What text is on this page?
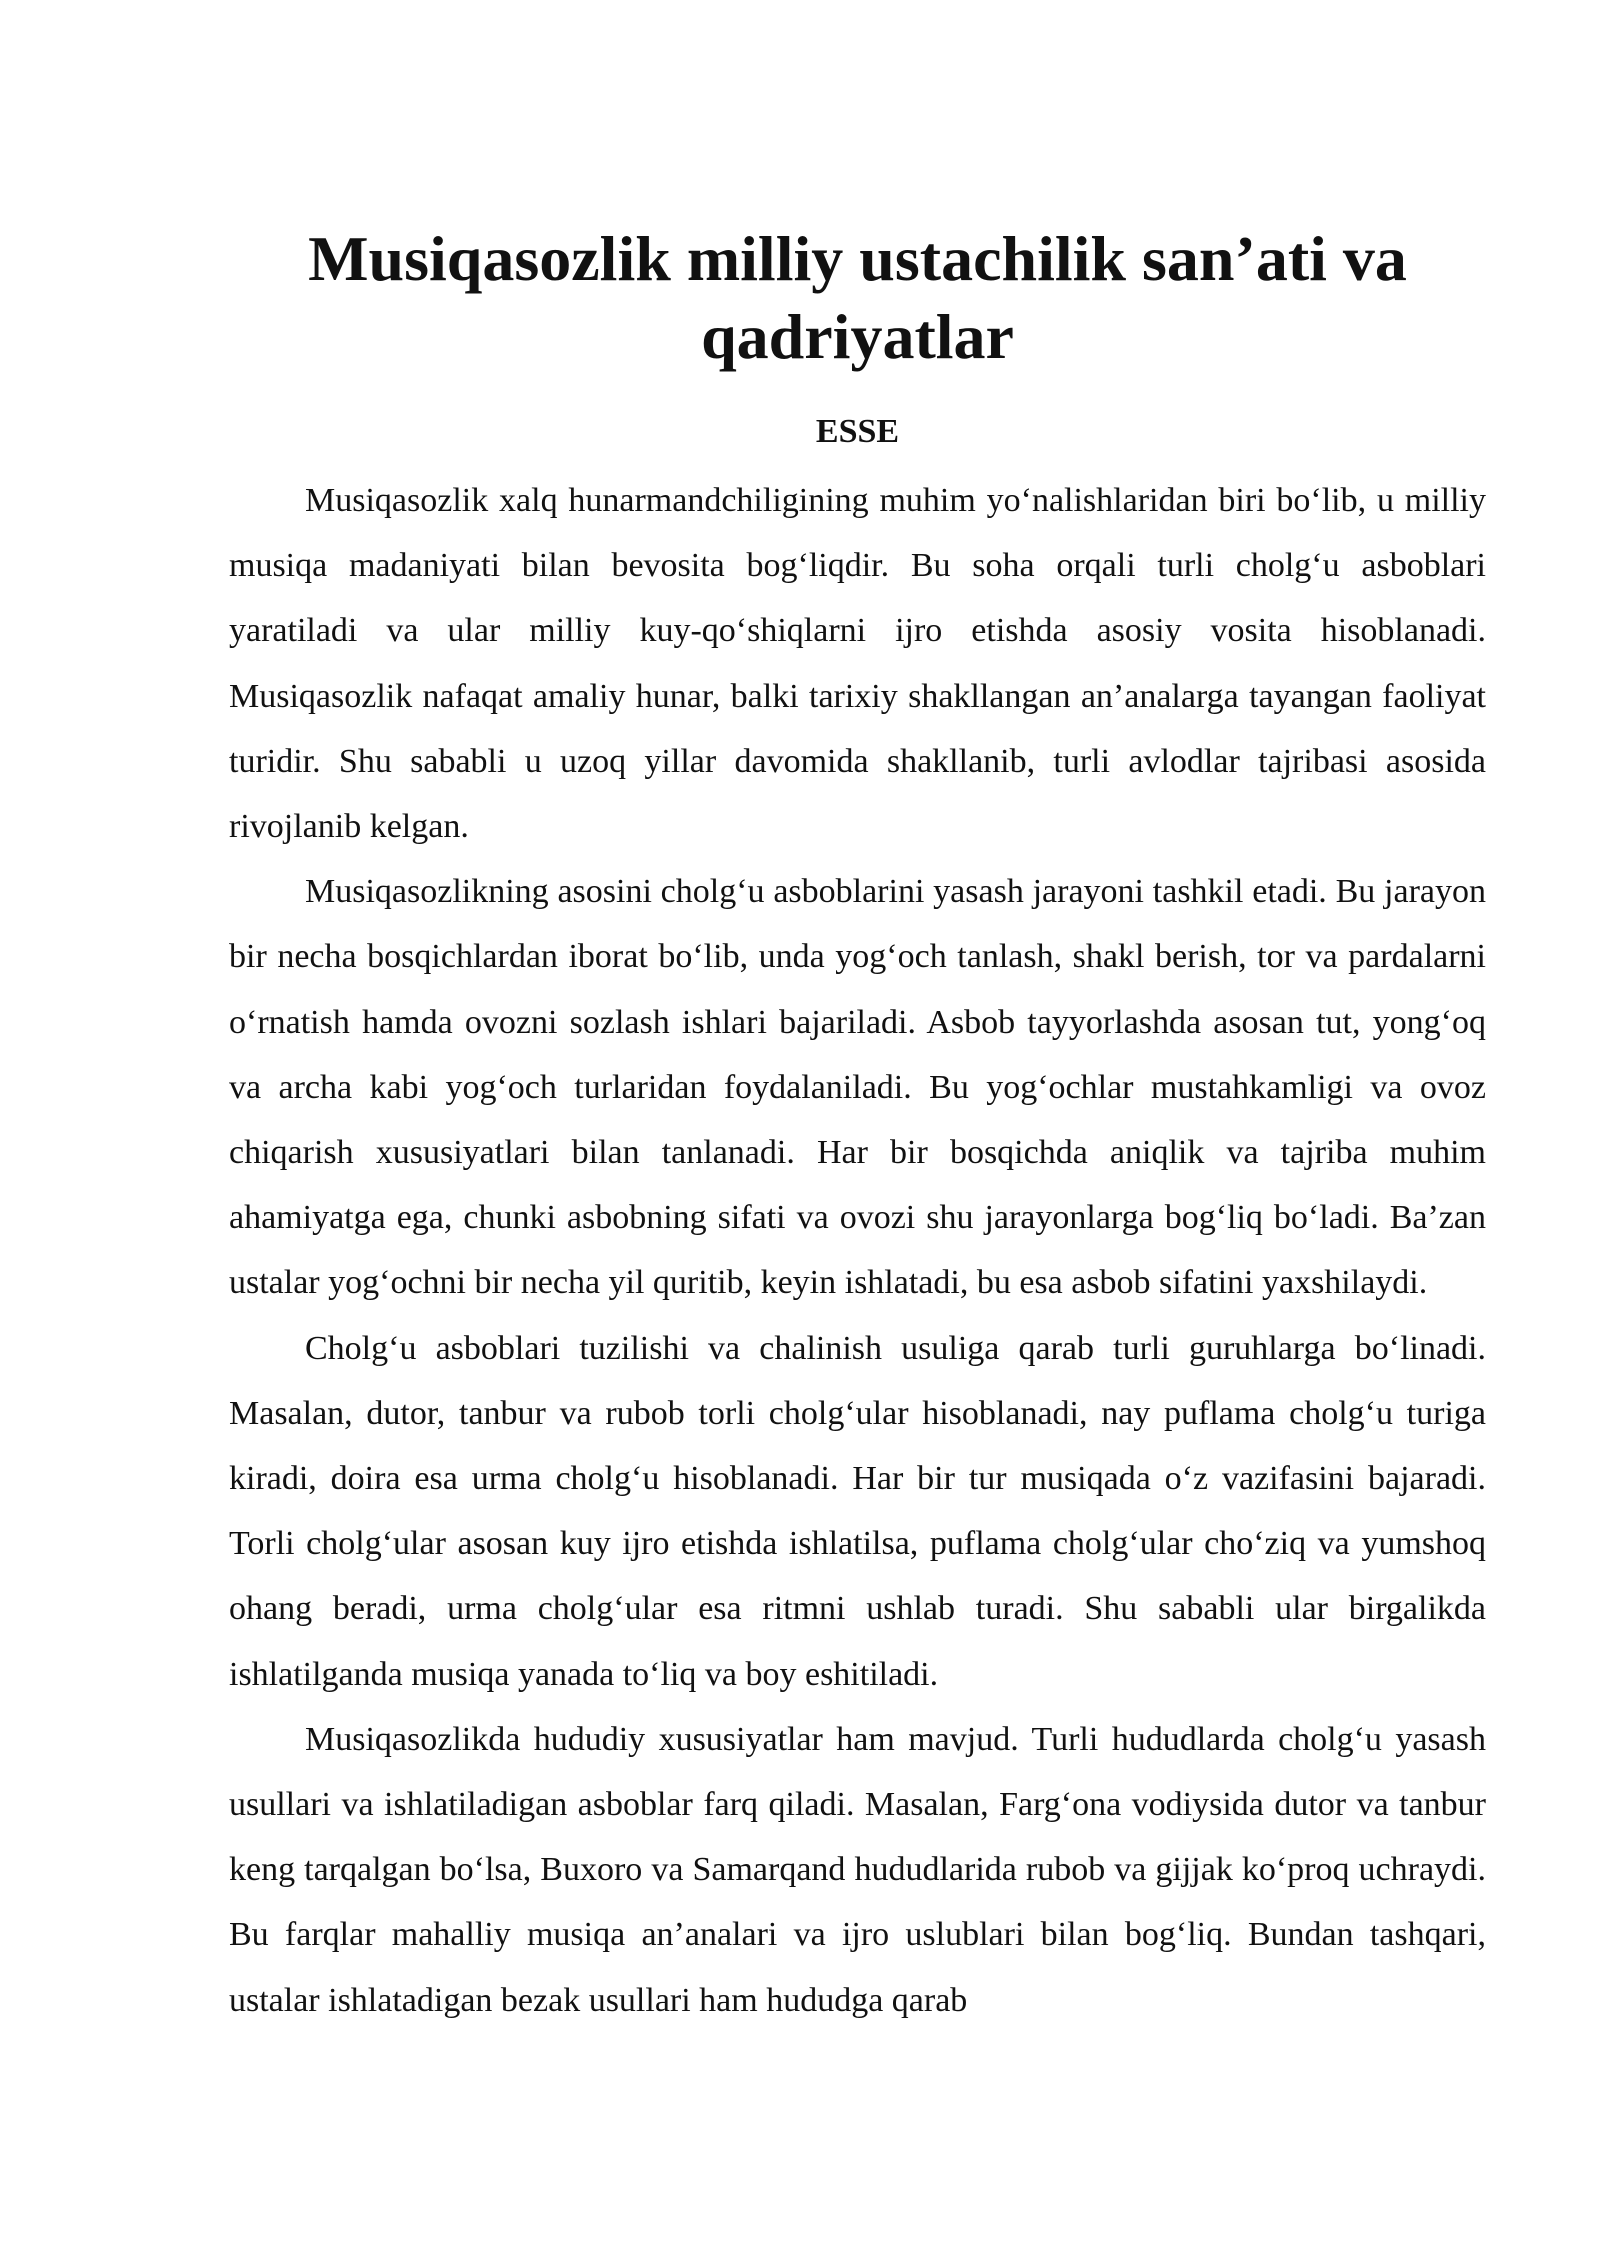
Musiqasozlik milliy ustachilik san’ati va qadriyatlar
ESSE

Musiqasozlik xalq hunarmandchiligining muhim yo‘nalishlaridan biri bo‘lib, u milliy musiqa madaniyati bilan bevosita bog‘liqdir. Bu soha orqali turli cholg‘u asboblari yaratiladi va ular milliy kuy-qo‘shiqlarni ijro etishda asosiy vosita hisoblanadi. Musiqasozlik nafaqat amaliy hunar, balki tarixiy shakllangan an’analarga tayangan faoliyat turidir. Shu sababli u uzoq yillar davomida shakllanib, turli avlodlar tajribasi asosida rivojlanib kelgan.

Musiqasozlikning asosini cholg‘u asboblarini yasash jarayoni tashkil etadi. Bu jarayon bir necha bosqichlardan iborat bo‘lib, unda yog‘och tanlash, shakl berish, tor va pardalarni o‘rnatish hamda ovozni sozlash ishlari bajariladi. Asbob tayyorlashda asosan tut, yong‘oq va archa kabi yog‘och turlaridan foydalaniladi. Bu yog‘ochlar mustahkamligi va ovoz chiqarish xususiyatlari bilan tanlanadi. Har bir bosqichda aniqlik va tajriba muhim ahamiyatga ega, chunki asbobning sifati va ovozi shu jarayonlarga bog‘liq bo‘ladi. Ba’zan ustalar yog‘ochni bir necha yil quritib, keyin ishlatadi, bu esa asbob sifatini yaxshilaydi.

Cholg‘u asboblari tuzilishi va chalinish usuliga qarab turli guruhlarga bo‘linadi. Masalan, dutor, tanbur va rubob torli cholg‘ular hisoblanadi, nay puflama cholg‘u turiga kiradi, doira esa urma cholg‘u hisoblanadi. Har bir tur musiqada o‘z vazifasini bajaradi. Torli cholg‘ular asosan kuy ijro etishda ishlatilsa, puflama cholg‘ular cho‘ziq va yumshoq ohang beradi, urma cholg‘ular esa ritmni ushlab turadi. Shu sababli ular birgalikda ishlatilganda musiqa yanada to‘liq va boy eshitiladi.

Musiqasozlikda hududiy xususiyatlar ham mavjud. Turli hududlarda cholg‘u yasash usullari va ishlatiladigan asboblar farq qiladi. Masalan, Farg‘ona vodiysida dutor va tanbur keng tarqalgan bo‘lsa, Buxoro va Samarqand hududlarida rubob va gijjak ko‘proq uchraydi. Bu farqlar mahalliy musiqa an’analari va ijro uslublari bilan bog‘liq. Bundan tashqari, ustalar ishlatadigan bezak usullari ham hududga qarab
